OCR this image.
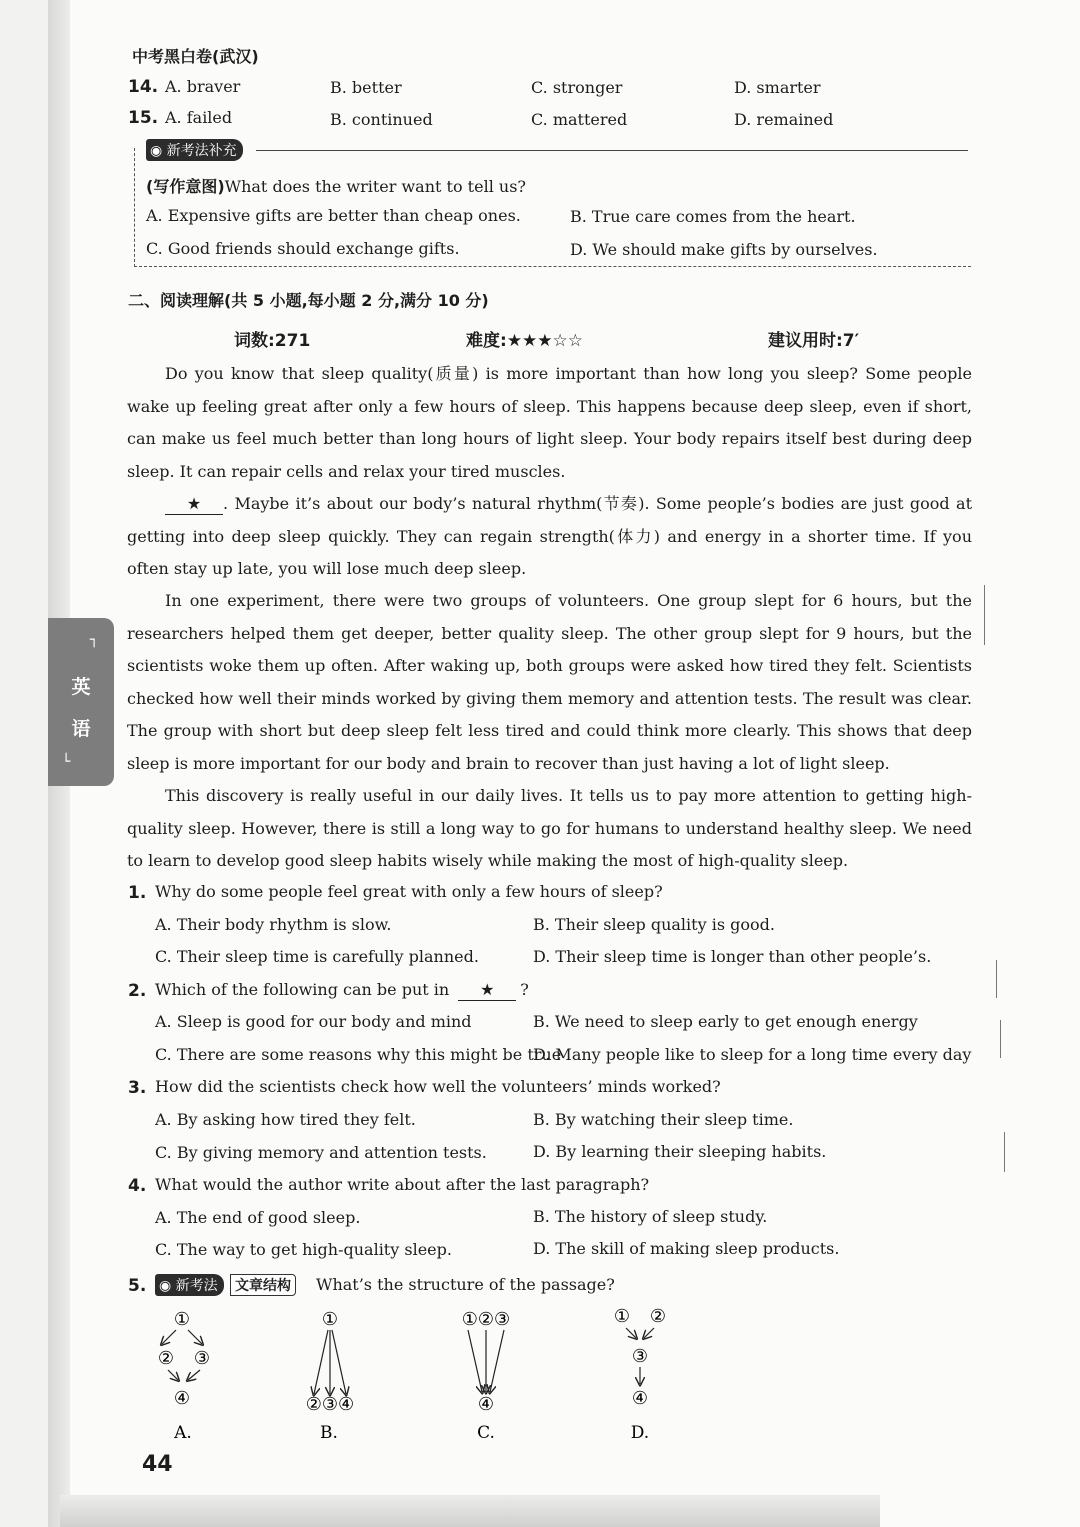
中考黑白卷(武汉)
14. A. braver	B. better	C. stronger	D. smarter
15. A. failed	B. continued	C. mattered	D. remained
◉ 新考法补充
(写作意图)What does the writer want to tell us?
A. Expensive gifts are better than cheap ones.	B. True care comes from the heart.
C. Good friends should exchange gifts.	D. We should make gifts by ourselves.
二、阅读理解(共 5 小题,每小题 2 分,满分 10 分)
词数:271	难度:★★★☆☆	建议用时:7′
Do you know that sleep quality(质量) is more important than how long you sleep? Some people wake up feeling great after only a few hours of sleep. This happens because deep sleep, even if short, can make us feel much better than long hours of light sleep. Your body repairs itself best during deep sleep. It can repair cells and relax your tired muscles.
★ . Maybe it’s about our body’s natural rhythm(节奏). Some people’s bodies are just good at getting into deep sleep quickly. They can regain strength(体力) and energy in a shorter time. If you often stay up late, you will lose much deep sleep.
In one experiment, there were two groups of volunteers. One group slept for 6 hours, but the researchers helped them get deeper, better quality sleep. The other group slept for 9 hours, but the scientists woke them up often. After waking up, both groups were asked how tired they felt. Scientists checked how well their minds worked by giving them memory and attention tests. The result was clear. The group with short but deep sleep felt less tired and could think more clearly. This shows that deep sleep is more important for our body and brain to recover than just having a lot of light sleep.
This discovery is really useful in our daily lives. It tells us to pay more attention to getting high-quality sleep. However, there is still a long way to go for humans to understand healthy sleep. We need to learn to develop good sleep habits wisely while making the most of high-quality sleep.
1. Why do some people feel great with only a few hours of sleep?
A. Their body rhythm is slow.	B. Their sleep quality is good.
C. Their sleep time is carefully planned.	D. Their sleep time is longer than other people’s.
2. Which of the following can be put in ★ ?
A. Sleep is good for our body and mind	B. We need to sleep early to get enough energy
C. There are some reasons why this might be true
D. Many people like to sleep for a long time every day
3. How did the scientists check how well the volunteers’ minds worked?
A. By asking how tired they felt.	B. By watching their sleep time.
C. By giving memory and attention tests.	D. By learning their sleeping habits.
4. What would the author write about after the last paragraph?
A. The end of good sleep.	B. The history of sleep study.
C. The way to get high-quality sleep.	D. The skill of making sleep products.
5. ◉ 新考法	文章结构	What’s the structure of the passage?
①
② ③
④
①
②③④
①②③
④
① ②
③
④
A.	B.	C.	D.
┐
英
语
└
44
